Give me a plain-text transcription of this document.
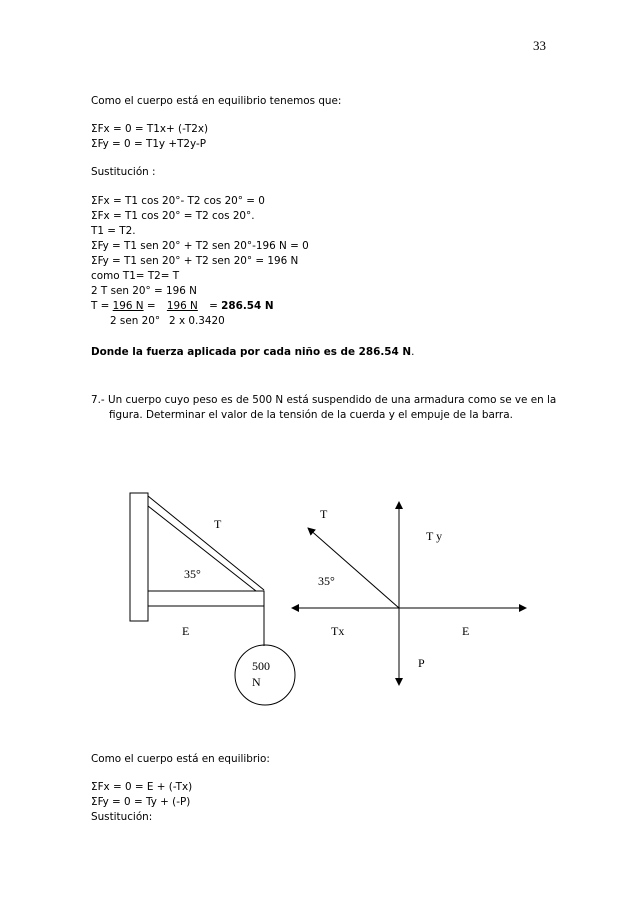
33
Como el cuerpo está en equilibrio tenemos que:
ΣFx = 0 = T1x+ (-T2x)
ΣFy = 0 = T1y +T2y-P
Sustitución :
ΣFx = T1 cos 20°- T2 cos 20° = 0
ΣFx = T1 cos 20° = T2 cos 20°.
T1 = T2.
ΣFy = T1 sen 20° + T2 sen 20°-196 N = 0
ΣFy = T1 sen 20° + T2 sen 20° = 196 N
como T1= T2= T
2 T sen 20° = 196 N
T = 196 N = 196 N = 286.54 N
2 sen 20° 2 x 0.3420
Donde la fuerza aplicada por cada niño es de 286.54 N.
7.- Un cuerpo cuyo peso es de 500 N está suspendido de una armadura como se ve en la
figura. Determinar el valor de la tensión de la cuerda y el empuje de la barra.
T
35°
E
500
N
T
T y
35°
Tx	E
P
Como el cuerpo está en equilibrio:
ΣFx = 0 = E + (-Tx)
ΣFy = 0 = Ty + (-P)
Sustitución:
